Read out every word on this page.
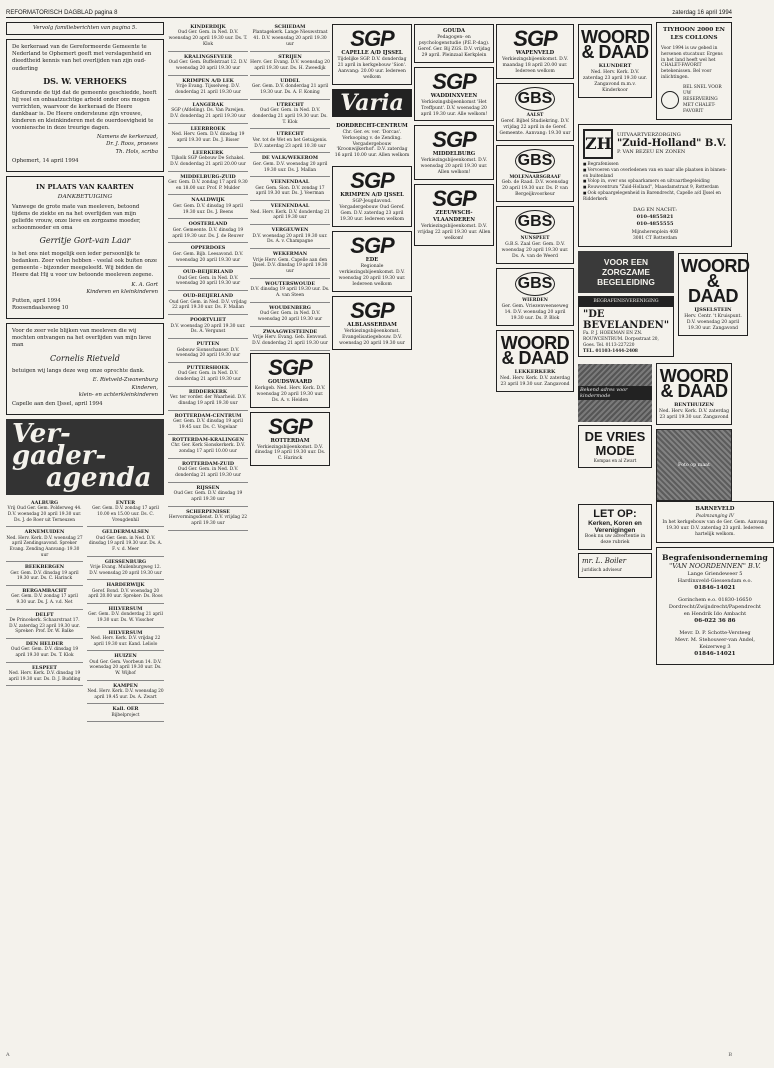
REFORMATORISCH DAGBLAD pagina 8	zaterdag 16 april 1994
Vervolg familieberichten van pagina 5.

De kerkeraad van de Gereformeerde Gemeente te Nederland te Ophemert geeft met verslagenheid en dieedtheid kennis van het overlijden van zijn oud-ouderling

DS. W. VERHOEKS

Gedurende de tijd dat de gemeente geschiedde, heeft hij veel en onbaatzuchtige arbeid onder ons mogen verrichten, waarvoor de kerkeraad de Heere dankbaar is. De Heere ondersteune zijn vrouwe, kinderen en kleinkinderen met de ouerdoevigheid te vooniensche in deze treurige dagen.

Namens de kerkeraad,
Dr. J. Roos, praeses
Th. Hols, scriba

Ophemert, 14 april 1994

IN PLAATS VAN KAARTEN
DANKBETUIGING

Vanwege de grote mate van meeleven, betoond tijdens de ziekte en na het overlijden van mijn geliefde vrouw, onze lieve en zorgzame moeder, schoonmoeder en oma

Gerritje Gort-van Laar

is het ons niet mogelijk een ieder persoonlijk te bedanken. Zeer velen hebben - veelal ook buiten onze gemeente - bijzonder meegeleefd. Wij bidden de Heere dat Hij u voor uw betoonde meeleven zegene.

K. A. Gort
Kinderen en kleinkinderen

Putten, april 1994
Roosendaalseweg 10

Voor de zeer vele blijken van meeleven die wij mochten ontvangen na het overlijden van mijn lieve man

Cornelis Rietveld

betuigen wij langs deze weg onze oprechte dank.

E. Rietveld-Zwanenburg
Kinderen,
klein- en achterkleinkinderen

Capelle aan den IJssel, april 1994

Ver-
gader-
agenda
AALBURG
Vrij Oud Ger. Gem. Polderweg 44. D.V. woensdag 20 april 19.30 uur. Ds. J. de Roer uit Terneuzen
ARNEMUIDEN
Ned. Herv. Kerk. D.V. woensdag 27 april Zendingsavond. Spreker Evang. Zending Aanvang: 19.30 uur
BEEKBERGEN
Ger. Gem. D.V. dinsdag 19 april 19.30 uur. Ds. C. Harinck
BERGAMBACHT
Ger. Gem. D.V. zondag 17 april 9.30 uur. Ds. J. A. v.d. Net
DELFT
De Princekerk. Schaarstraat 17. D.V. zaterdag 23 april 19.30 uur. Spreker: Prof. Dr. W. Balke
DEN HELDER
Oud Ger. Gem. D.V. dinsdag 19 april 19.30 uur. Ds. T. Klok
ELSPEET
Ned. Herv. Kerk. D.V. dinsdag 19 april 19.30 uur. Ds. D. J. Budding
ENTER
Ger. Gem. D.V. zondag 17 april 10.00 en 15.00 uur. Ds. C. Vreugdenhil
GELDERMALSEN
Oud Ger. Gem. in Ned. D.V. dinsdag 19 april 19.30 uur. Ds. A. F. v. d. Meer
GIESSENBURG
Vrije Evang. Muilenburgweg 12. D.V. woensdag 20 april 19.30 uur
HARDERWIJK
Geref. Bond. D.V. woensdag 20 april 20.00 uur. Spreker: Ds. Roos
HILVERSUM
Ger. Gem. D.V. donderdag 21 april 19.30 uur. Ds. W. Visscher
HILVERSUM
Ned. Herv. Kerk. D.V. vrijdag 22 april 19.30 uur. Kand. Leliolo
HUIZEN
Oud Ger. Gem. Voorbeun 14. D.V. woensdag 20 april 19.30 uur. Ds. W. Wijhof
KAMPEN
Ned. Herv. Kerk. D.V. woensdag 20 april 19.45 uur. Ds. A. Zwart
Kall. OER
Bijbelproject
KINDERDIJK
Oud Ger. Gem. in Ned. D.V. woensdag 20 april 19.30 uur. Ds. T. Klok
KRALINGSEVEER
Oud Ger. Gem. Buffelstraat 12. D.V. woensdag 20 april 19.30 uur
KRIMPEN A/D LEK
Vrije Evang. Tijsselweg. D.V. donderdag 21 april 19.30 uur
LANGERAK
SGP (Afdeling). Ds. Van Pareijen. D.V. donderdag 21 april 19.30 uur
LEERBROEK
Ned. Herv. Gem. D.V. dinsdag 19 april 19.30 uur. Ds. J. Bisser
LEERKERK
Tijkolk SGP Gebouw De Schakel. D.V. donderdag 21 april 20.00 uur
MIDDELBURG-ZUID
Ger. Gem. D.V. zondag 17 april 9.30 en 18.00 uur. Prof. P. Mulder
NAALDWIJK
Ger. Gem. D.V. dinsdag 19 april 19.30 uur. Ds. J. Beens
OOSTERLAND
Ger. Gemeente. D.V. dinsdag 19 april 19.30 uur. Ds. J. de Reuver
OPPERDOES
Ger. Gem. Bijb. Leesavond. D.V. woensdag 20 april 19.30 uur
OUD-BEIJERLAND
Oud Ger. Gem. in Ned. D.V. woensdag 20 april 19.30 uur
OUD-BEIJERLAND
Oud Ger. Gem. in Ned. D.V. vrijdag 22 april 19.30 uur. Ds. F. Mallan
POORTVLIET
D.V. woensdag 20 april 19.30 uur. Ds. A. Vergunst
PUTTEN
Gebouw Sionsschanser. D.V. woensdag 20 april 19.30 uur
PUTTERSHOEK
Oud Ger. Gem. in Ned. D.V. donderdag 21 april 19.30 uur
RIDDERKERK
Ver. ter vorder. der Waarheid. D.V. dinsdag 19 april 19.30 uur
ROTTERDAM-CENTRUM
Ger. Gem. D.V. dinsdag 19 april 19.45 uur. Ds. C. Vogelaar
ROTTERDAM-KRALINGEN
Chr. Ger. Kerk Sionskerkerk. D.V. zondag 17 april 10.00 uur
ROTTERDAM-ZUID
Oud Ger. Gem. in Ned. D.V. donderdag 21 april 19.30 uur
RIJSSEN
Oud Ger. Gem. D.V. dinsdag 19 april 19.30 uur
SCHERPENISSE
Hervormingsdienst. D.V. vrijdag 22 april 19.30 uur
SCHIEDAM
Plantagekerk. Lange Nieuwstraat 41. D.V. woensdag 20 april 19.30 uur
STRIJEN
Herv. Ger. Evang. D.V. woensdag 20 april 19.30 uur. Ds. H. Zweedijk
UDDEL
Ger. Gem. D.V. donderdag 21 april 19.30 uur. Ds. A. F. Koning
UTRECHT
Oud Ger. Gem. in Ned. D.V. donderdag 21 april 19.30 uur. Ds. T. Klok
UTRECHT
Ver. tot de Wet en het Getuigenis. D.V. zaterdag 23 april 10.30 uur
DE VALK/WEKEROM
Ger. Gem. D.V. woensdag 20 april 19.30 uur. Ds. J. Mallan
VEENENDAAL
Ger. Gem. Sion. D.V. zondag 17 april 19.30 uur. Ds. J. Veerman
VEENENDAAL
Ned. Herv. Kerk. D.V. donderdag 21 april 19.30 uur
VERGEUWEN
D.V. woensdag 20 april 19.30 uur. Ds. A. v. Champagne
WEKERMAN
Vrije Herv. Gem. Capelle aan den IJssel. D.V. dinsdag 19 april 19.30 uur
WOUTERSWOUDE
D.V. dinsdag 19 april 19.30 uur. Ds. A. van Steen
WOUDENBERG
Oud Ger. Gem. in Ned. D.V. woensdag 20 april 19.30 uur
ZWAAGWESTEINDE
Vrije Herv. Evang. Geb. Eenvoud. D.V. donderdag 21 april 19.30 uur
SGP
GOUDSWAARD
Kerkgeb. Ned. Herv. Kerk. D.V. woensdag 20 april 19.30 uur. Ds. A. v. Heiden
SGP
ROTTERDAM
Verkiezingsbijeenkomst. D.V. dinsdag 19 april 19.30 uur. Ds. C. Harinck
SGP
CAPELLE A/D IJSSEL
Tijdelijke SGP. D.V. donderdag 21 april in kerkgebouw 'Sion'. Aanvang: 20.00 uur. Iedereen welkom
Varia
DORDRECHT-CENTRUM
Chr. Ger. ev. ver. 'Dorcas'. Verkooping v. de Zending. Vergadergebouw 'Kroonwijkerhof'. D.V. zaterdag 16 april 10.00 uur. Allen welkom
SGP
KRIMPEN A/D IJSSEL
SGP-Jeugdavond. Vergadergebouw Oud Geref. Gem. D.V. zaterdag 23 april 19.30 uur. Iedereen welkom
SGP
EDE
Regionale verkiezingsbijeenkomst. D.V. woensdag 20 april 19.30 uur. Iedereen welkom
SGP
ALBLASSERDAM
Verkiezingsbijeenkomst. Evangelisatiegebouw. D.V. woensdag 20 april 19.30 uur
GOUDA
Pedagogen- en psychologenstudie (P.E.P.-dag). Geref. Ger. Bij ZGS. D.V. vrijdag 29 april. Pleinzaal Kerkplein
SGP
WADDINXVEEN
Verkiezingsbijeenkomst 'Het Treffpunt'. D.V. woensdag 20 april 19.30 uur. Alle welkom!
SGP
MIDDELBURG
Verkiezingsbijeenkomst. D.V. woensdag 20 april 19.30 uur. Allen welkom!
SGP
ZEEUWSCH-VLAANDEREN
Verkiezingsbijeenkomst. D.V. vrijdag 22 april 19.30 uur. Allen welkom!
SGP
WAPENVELD
Verkiezingsbijeenkomst. D.V. maandag 18 april 20.00 uur. Iedereen welkom
GBS
AALST
Geref. Bijbel Studiekring. D.V. vrijdag 22 april in de Geref. Gemeente. Aanvang: 19.30 uur
GBS
MOLENAARSGRAAF
Geb. de Raad. D.V. woensdag 20 april 19.30 uur. Ds. P. van Bergeijkvoorkeur
GBS
NUNSPEET
G.B.S. Zaal Ger. Gem. D.V. woensdag 20 april 19.30 uur. Ds. A. van de Weerd
GBS
WIERDEN
Ger. Gem. Vriezenveenseweg 14. D.V. woensdag 20 april 19.30 uur. Ds. P. Blok
WOORD
& DAAD
LEKKERKERK
Ned. Herv. Kerk. D.V. zaterdag 23 april 19.30 uur. Zangavond
WOORD
& DAAD
KLUNDERT
Ned. Herv. Kerk. D.V. zaterdag 23 april 19.30 uur. Zangavond m.m.v. Kinderkoor
TIYHOON 2000 EN LES COLLONS
Voor 1994 is uw gebed in hersenen stucatuur. Ergens in het land heeft wel het CHALET-FAVORIT betekenissen. Bel voor inlichtingen.
BEL SNEL VOOR UW RESERVERING MET CHALET-FAVORIT
ZH UITVAARTVERZORGING
"Zuid-Holland" B.V.
P. VAN BEZEU EN ZONEN
■ Begrafenissen
■ Vervoeren van overledenen van en naar alle plaatsen in binnen- en buitenland
■ Volop in, over ons opbaarkamers en uitvaartbegeleiding
■ Rouwcentrum "Zuid-Holland", Maasdamstraat 9, Rotterdam
■ Ook opbaargelegenheid in Barendrecht, Capelle a/d IJssel en Ridderkerk
DAG EN NACHT:
010-4855821
010-4855555
Mijnsherenplein 40B
3081 CT Rotterdam
VOOR EEN ZORGZAME BEGELEIDING
BEGRAFENISVERENIGING
"DE BEVELANDEN"
Fa. P. J. HOEKMAN EN ZN.
ROUWCENTRUM. Dorpsstraat 20, Goes. Tel. 0113-227220
TEL. 01103-1444-2408
WOORD
& DAAD
IJSSELSTEIN
Herv. Centr. 't Kruispunt. D.V. woensdag 20 april 19.30 uur. Zangavond
Bekend adres voor kindermode
DE VRIES MODE
Kompas en al Zwart
WOORD
& DAAD
BENTHUIZEN
Ned. Herv. Kerk. D.V. zaterdag 23 april 19.30 uur. Zangavond
Foto op maat
LET OP:
Kerken, Koren en Verenigingen
Boek nu uw advertentie in deze rubriek
mr. L. Boiler
juridisch adviseur
BARNEVELD
Psalmzanging IV
In het kerkgebouw van de Ger. Gem. Aanvang 19.30 uur. D.V. zaterdag 23 april. Iedereen hartelijk welkom.
Begrafenisonderneming
"VAN NOORDENNEN" B.V.
Lange Griendeweer 5
Hardinxveld-Giessendam e.o.
01846-14021
Gorinchem e.o. 01830-16650
Dordrecht/Zwijndrecht/Papendrecht
en Hendrik Ido Ambacht
06-022 36 86
Mevr. D. P. Schotte-Versteeg
Mevr. M. Stehouwer-van Andel, Keizerweg 3
01846-14021
A	B
